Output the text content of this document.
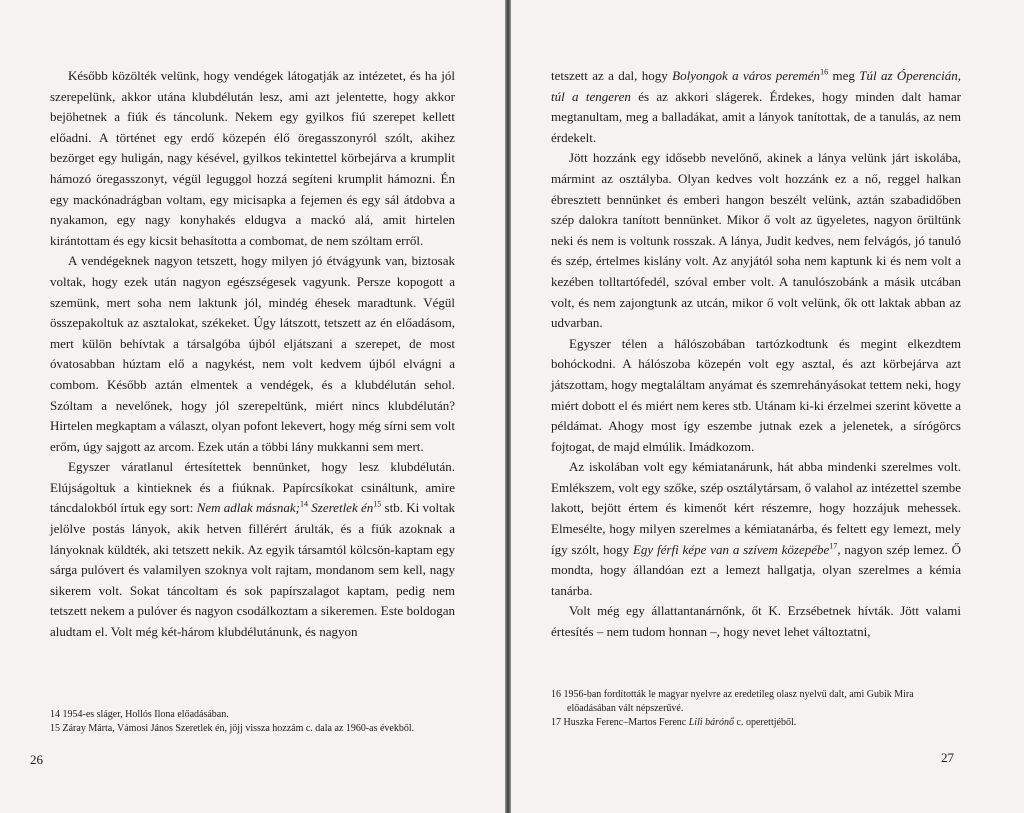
Később közölték velünk, hogy vendégek látogatják az intézetet, és ha jól szerepelünk, akkor utána klubdélután lesz, ami azt jelentette, hogy akkor bejöhetnek a fiúk és táncolunk. Nekem egy gyilkos fiú szerepet kellett előadni. A történet egy erdő közepén élő öregasszonyról szólt, akihez bezörget egy huligán, nagy késével, gyilkos tekintettel körbejárva a krumplit hámozó öregasszonyt, végül leguggol hozzá segíteni krumplit hámozni. Én egy mackónadrágban voltam, egy micisapka a fejemen és egy sál átdobva a nyakamon, egy nagy konyhakés eldugva a mackó alá, amit hirtelen kirántottam és egy kicsit behasította a combomat, de nem szóltam erről.

A vendégeknek nagyon tetszett, hogy milyen jó étvágyunk van, biztosak voltak, hogy ezek után nagyon egészségesek vagyunk. Persze kopogott a szemünk, mert soha nem laktunk jól, mindég éhesek maradtunk. Végül összepakoltuk az asztalokat, székeket. Úgy látszott, tetszett az én előadásom, mert külön behívtak a társalgóba újból eljátszani a szerepet, de most óvatosabban húztam elő a nagykést, nem volt kedvem újból elvágni a combom. Később aztán elmentek a vendégek, és a klubdélután sehol. Szóltam a nevelőnek, hogy jól szerepeltünk, miért nincs klubdélután? Hirtelen megkaptam a választ, olyan pofont lekevert, hogy még sírni sem volt erőm, úgy sajgott az arcom. Ezek után a többi lány mukkanni sem mert.

Egyszer váratlanul értesítettek bennünket, hogy lesz klubdélután. Elújságoltuk a kintieknek és a fiúknak. Papírcsíkokat csináltunk, amire táncdalokból írtuk egy sort: Nem adlak másnak;$^{14}$ Szeretlek $én^{15}$ stb. Ki voltak jelölve postás lányok, akik hetven fillérért árulták, és a fiúk azoknak a lányoknak küldték, aki tetszett nekik. Az egyik társamtól kölcsön-kaptam egy sárga pulóvert és valamilyen szoknya volt rajtam, mondanom sem kell, nagy sikerem volt. Sokat táncoltam és sok papírszalagot kaptam, pedig nem tetszett nekem a pulóver és nagyon csodálkoztam a sikeremen. Este boldogan aludtam el. Volt még két-három klubdélutánunk, és nagyon

14 1954-es sláger, Hollós Ilona előadásában.

15 Záray Márta, Vámosi János Szeretlek én, jöjj vissza hozzám c. dala az 1960-as évekből.

26

tetszett az a dal, hogy Bolyongok a város peremén$^{16}$ meg Túl az Óperencián, túl a tengeren és az akkori slágerek. Érdekes, hogy minden dalt hamar megtanultam, meg a balladákat, amit a lányok tanítottak, de a tanulás, az nem érdekelt.

Jött hozzánk egy idősebb nevelőnő, akinek a lánya velünk járt iskolába, mármint az osztályba. Olyan kedves volt hozzánk ez a nő, reggel halkan ébresztett bennünket és emberi hangon beszélt velünk, aztán szabadidőben szép dalokra tanított bennünket. Mikor ő volt az ügyeletes, nagyon örültünk neki és nem is voltunk rosszak. A lánya, Judit kedves, nem felvágós, jó tanuló és szép, értelmes kislány volt. Az anyjától soha nem kaptunk ki és nem volt a kezében tolltartófedél, szóval ember volt. A tanulószobánk a másik utcában volt, és nem zajongtunk az utcán, mikor ő volt velünk, ők ott laktak abban az udvarban.

Egyszer télen a hálószobában tartózkodtunk és megint elkezdtem bohóckodni. A hálószoba közepén volt egy asztal, és azt körbejárva azt játszottam, hogy megtaláltam anyámat és szemrehányásokat tettem neki, hogy miért dobott el és miért nem keres stb. Utánam ki-ki érzelmei szerint követte a példámat. Ahogy most így eszembe jutnak ezek a jelenetek, a sírógörcs fojtogat, de majd elmúlik. Imádkozom.

Az iskolában volt egy kémiatanárunk, hát abba mindenki szerelmes volt. Emlékszem, volt egy szőke, szép osztálytársam, ő valahol az intézettel szembe lakott, bejött értem és kimenőt kért részemre, hogy hozzájuk mehessek. Elmesélte, hogy milyen szerelmes a kémiatanárba, és feltett egy lemezt, mely így szólt, hogy Egy férfi képe van a szívem közepébe$^{17}$, nagyon szép lemez. Ő mondta, hogy állandóan ezt a lemezt hallgatja, olyan szerelmes a kémia tanárba.

Volt még egy állattantanárnőnk, őt K. Erzsébetnek hívták. Jött valami értesítés – nem tudom honnan –, hogy nevet lehet változtatni,

16 1956-ban fordították le magyar nyelvre az eredetileg olasz nyelvű dalt, ami Gubik Mira előadásában vált népszerűvé.

17 Huszka Ferenc–Martos Ferenc Lili bárónő c. operettjéből.

27
